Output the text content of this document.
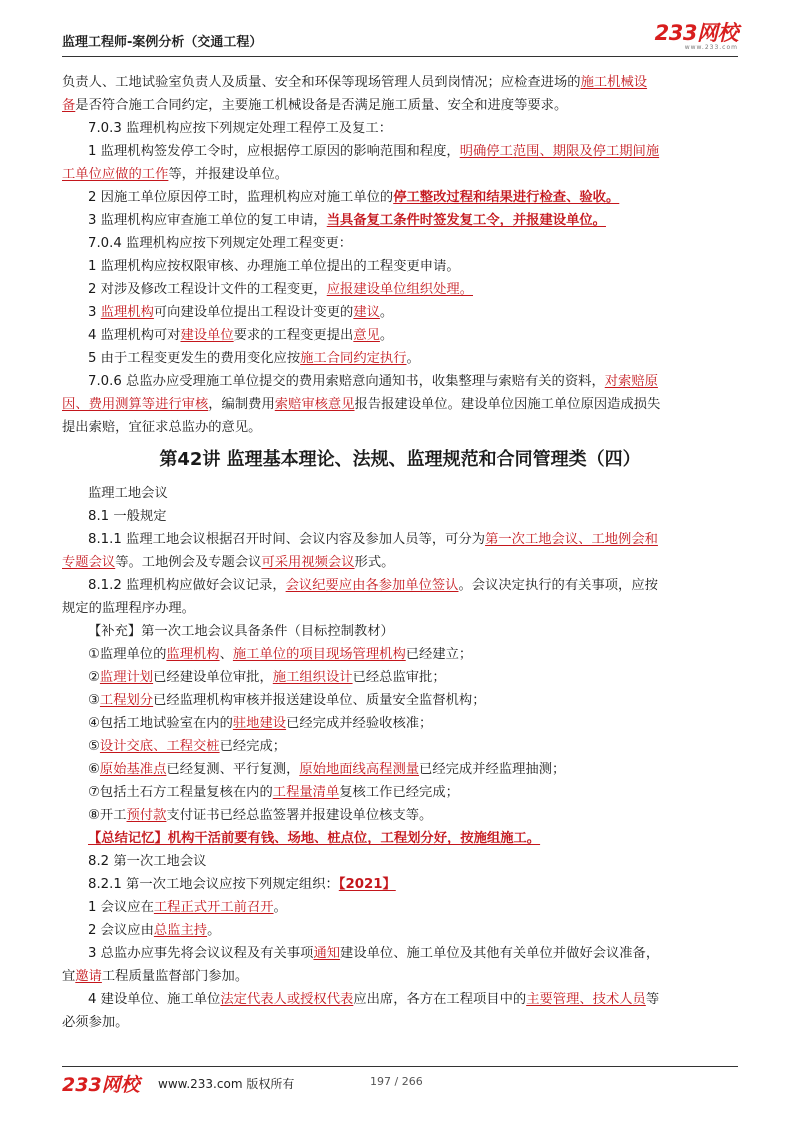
监理工程师-案例分析（交通工程）	233网校
www.233.com
负责人、工地试验室负责人及质量、安全和环保等现场管理人员到岗情况；应检查进场的施工机械设
备是否符合施工合同约定，主要施工机械设备是否满足施工质量、安全和进度等要求。
7.0.3 监理机构应按下列规定处理工程停工及复工：
1 监理机构签发停工令时，应根据停工原因的影响范围和程度，明确停工范围、期限及停工期间施
工单位应做的工作等，并报建设单位。
2 因施工单位原因停工时，监理机构应对施工单位的停工整改过程和结果进行检查、验收。
3 监理机构应审查施工单位的复工申请，当具备复工条件时签发复工令，并报建设单位。
7.0.4 监理机构应按下列规定处理工程变更：
1 监理机构应按权限审核、办理施工单位提出的工程变更申请。
2 对涉及修改工程设计文件的工程变更，应报建设单位组织处理。
3 监理机构可向建设单位提出工程设计变更的建议。
4 监理机构可对建设单位要求的工程变更提出意见。
5 由于工程变更发生的费用变化应按施工合同约定执行。
7.0.6 总监办应受理施工单位提交的费用索赔意向通知书，收集整理与索赔有关的资料，对索赔原
因、费用测算等进行审核，编制费用索赔审核意见报告报建设单位。建设单位因施工单位原因造成损失
提出索赔，宜征求总监办的意见。
第42讲 监理基本理论、法规、监理规范和合同管理类（四）
监理工地会议
8.1 一般规定
8.1.1 监理工地会议根据召开时间、会议内容及参加人员等，可分为第一次工地会议、工地例会和
专题会议等。工地例会及专题会议可采用视频会议形式。
8.1.2 监理机构应做好会议记录，会议纪要应由各参加单位签认。会议决定执行的有关事项，应按
规定的监理程序办理。
【补充】第一次工地会议具备条件（目标控制教材）
①监理单位的监理机构、施工单位的项目现场管理机构已经建立；
②监理计划已经建设单位审批，施工组织设计已经总监审批；
③工程划分已经监理机构审核并报送建设单位、质量安全监督机构；
④包括工地试验室在内的驻地建设已经完成并经验收核准；
⑤设计交底、工程交桩已经完成；
⑥原始基准点已经复测、平行复测，原始地面线高程测量已经完成并经监理抽测；
⑦包括土石方工程量复核在内的工程量清单复核工作已经完成；
⑧开工预付款支付证书已经总监签署并报建设单位核支等。
【总结记忆】机构干活前要有钱、场地、桩点位，工程划分好，按施组施工。
8.2 第一次工地会议
8.2.1 第一次工地会议应按下列规定组织：【2021】
1 会议应在工程正式开工前召开。
2 会议应由总监主持。
3 总监办应事先将会议议程及有关事项通知建设单位、施工单位及其他有关单位并做好会议准备，
宜邀请工程质量监督部门参加。
4 建设单位、施工单位法定代表人或授权代表应出席，各方在工程项目中的主要管理、技术人员等
必须参加。
233网校 www.233.com 版权所有	197 / 266
